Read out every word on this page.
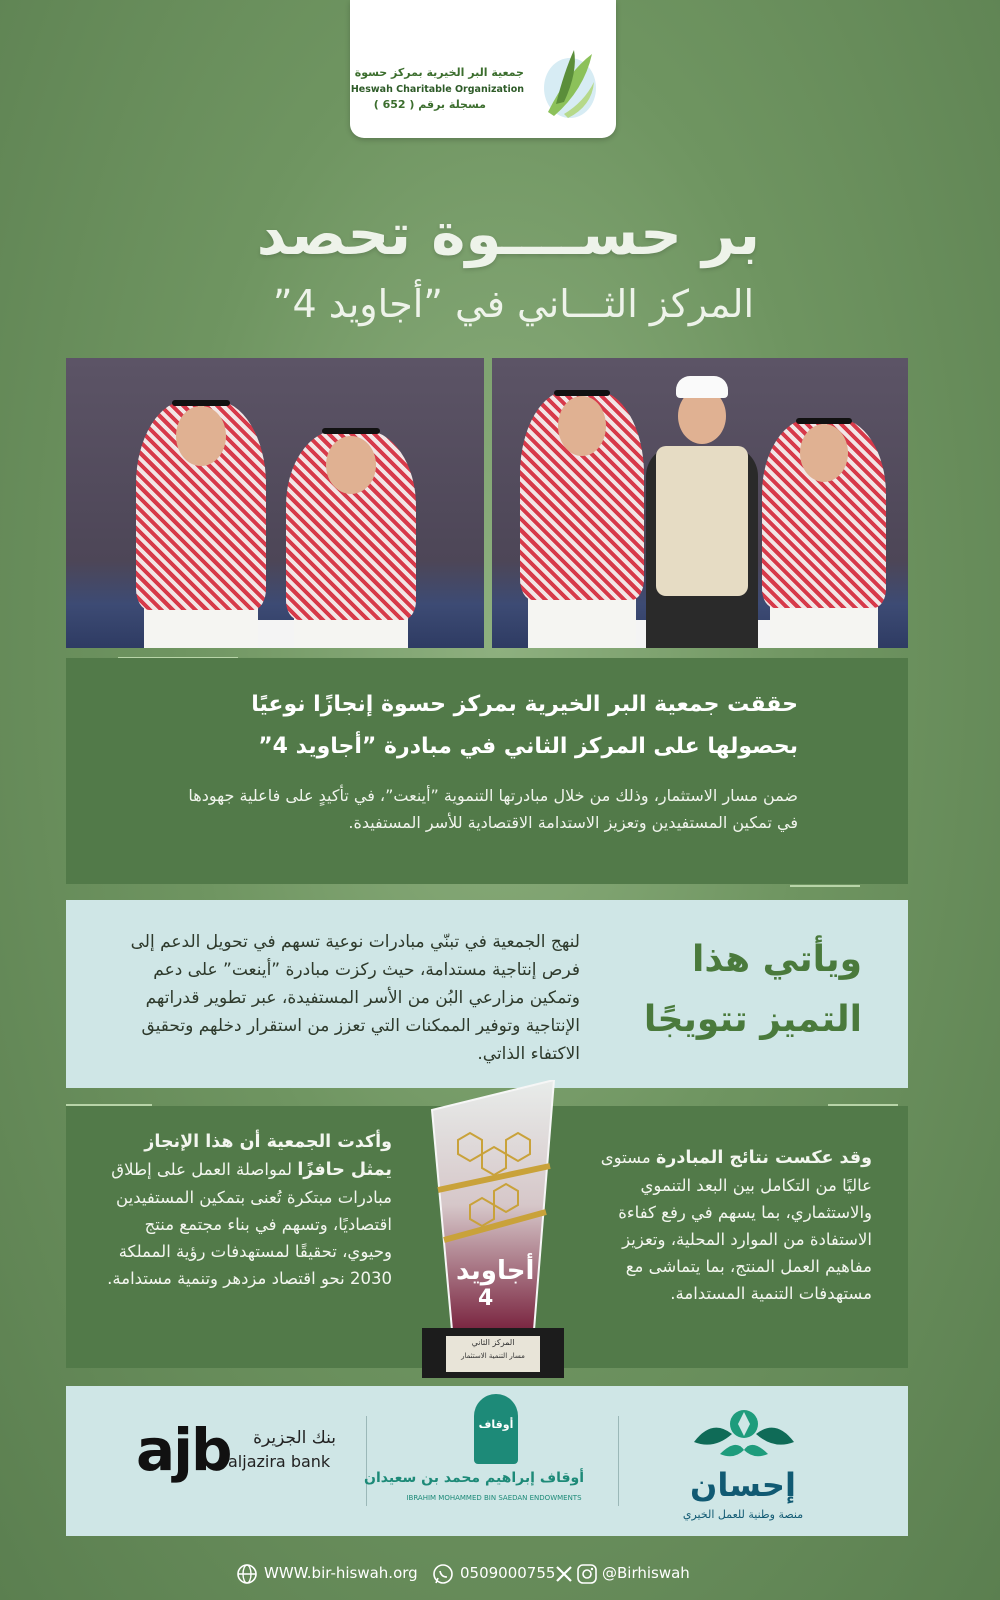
جمعية البر الخيرية بمركز حسوة
Heswah Charitable Organization
مسجلة برقم ( 652 )
بر حســــوة تحصد
المركز الثـــاني في ”أجاويد 4”
حققت جمعية البر الخيرية بمركز حسوة إنجازًا نوعيًا
بحصولها على المركز الثاني في مبادرة ”أجاويد 4”
ضمن مسار الاستثمار، وذلك من خلال مبادرتها التنموية ”أينعت”، في تأكيدٍ على فاعلية جهودها في تمكين المستفيدين وتعزيز الاستدامة الاقتصادية للأسر المستفيدة.
ويأتي هذا
التميز تتويجًا
لنهج الجمعية في تبنّي مبادرات نوعية تسهم في تحويل الدعم إلى فرص إنتاجية مستدامة، حيث ركزت مبادرة ”أينعت” على دعم وتمكين مزارعي البُن من الأسر المستفيدة، عبر تطوير قدراتهم الإنتاجية وتوفير الممكنات التي تعزز من استقرار دخلهم وتحقيق الاكتفاء الذاتي.
وقد عكست نتائج المبادرة مستوى عاليًا من التكامل بين البعد التنموي والاستثماري، بما يسهم في رفع كفاءة الاستفادة من الموارد المحلية، وتعزيز مفاهيم العمل المنتج، بما يتماشى مع مستهدفات التنمية المستدامة.
وأكدت الجمعية أن هذا الإنجاز يمثل حافزًا لمواصلة العمل على إطلاق مبادرات مبتكرة تُعنى بتمكين المستفيدين اقتصاديًا، وتسهم في بناء مجتمع منتج وحيوي، تحقيقًا لمستهدفات رؤية المملكة 2030 نحو اقتصاد مزدهر وتنمية مستدامة. أجاويد
4
المركز الثاني
مسار التنمية الاستثمار
إحسان
منصة وطنية للعمل الخيري
أوقاف
أوقاف إبراهيم محمد بن سعيدان
IBRAHIM MOHAMMED BIN SAEDAN ENDOWMENTS
ajb	بنك الجزيرة
aljazira bank
WWW.bir-hiswah.org	0509000755	@Birhiswah
